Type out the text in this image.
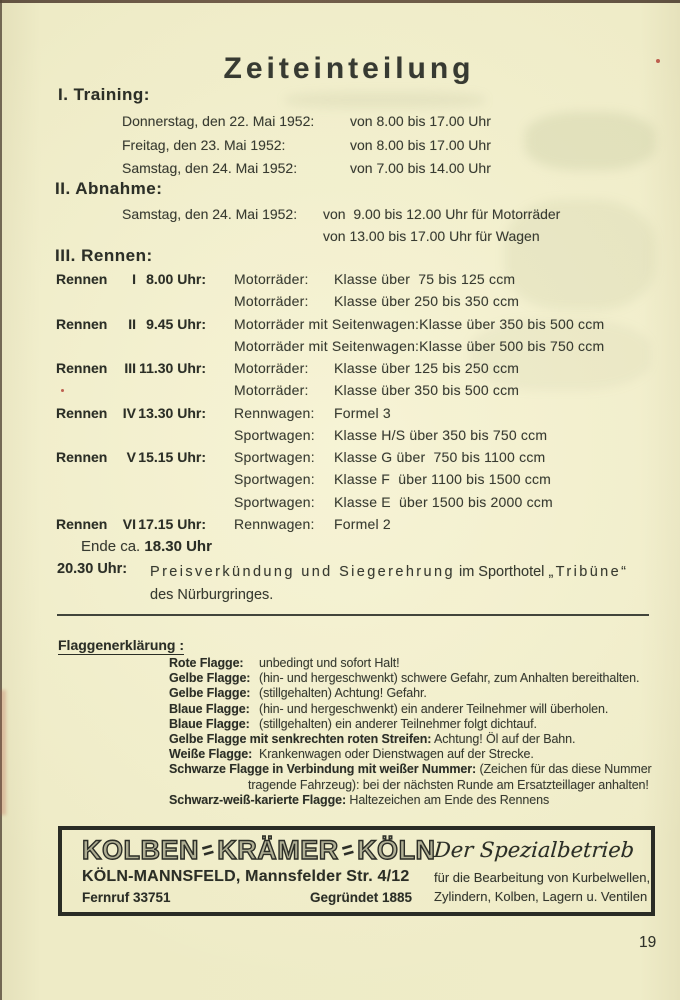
Zeiteinteilung
I. Training:
Donnerstag, den 22. Mai 1952:	von 8.00 bis 17.00 Uhr
Freitag, den 23. Mai 1952:	von 8.00 bis 17.00 Uhr
Samstag, den 24. Mai 1952:	von 7.00 bis 14.00 Uhr
II. Abnahme:
Samstag, den 24. Mai 1952:	von  9.00 bis 12.00 Uhr für Motorräder
von 13.00 bis 17.00 Uhr für Wagen
III. Rennen:
Rennen	I 8.00 Uhr: Motorräder:	Klasse über  75 bis 125 ccm
Motorräder:	Klasse über 250 bis 350 ccm
Rennen	II 9.45 Uhr: Motorräder mit Seitenwagen: Klasse über 350 bis 500 ccm
Motorräder mit Seitenwagen: Klasse über 500 bis 750 ccm
Rennen	III 11.30 Uhr: Motorräder:	Klasse über 125 bis 250 ccm
Motorräder:	Klasse über 350 bis 500 ccm
Rennen	IV 13.30 Uhr: Rennwagen:	Formel 3
Sportwagen:	Klasse H/S über 350 bis 750 ccm
Rennen	V 15.15 Uhr: Sportwagen:	Klasse G über  750 bis 1100 ccm
Sportwagen:	Klasse F  über 1100 bis 1500 ccm
Sportwagen:	Klasse E  über 1500 bis 2000 ccm
Rennen	VI 17.15 Uhr: Rennwagen:	Formel 2
Ende ca. 18.30 Uhr
20.30 Uhr:	Preisverkündung und Siegerehrung im Sporthotel „Tribüne“
des Nürburgringes.
Flaggenerklärung :
Rote Flagge: unbedingt und sofort Halt!
Gelbe Flagge: (hin- und hergeschwenkt) schwere Gefahr, zum Anhalten bereithalten.
Gelbe Flagge: (stillgehalten) Achtung! Gefahr.
Blaue Flagge: (hin- und hergeschwenkt) ein anderer Teilnehmer will überholen.
Blaue Flagge: (stillgehalten) ein anderer Teilnehmer folgt dichtauf.
Gelbe Flagge mit senkrechten roten Streifen: Achtung! Öl auf der Bahn.
Weiße Flagge: Krankenwagen oder Dienstwagen auf der Strecke.
Schwarze Flagge in Verbindung mit weißer Nummer: (Zeichen für das diese Nummer
tragende Fahrzeug): bei der nächsten Runde am Ersatzteillager anhalten!
Schwarz-weiß-karierte Flagge: Haltezeichen am Ende des Rennens
KOLBEN=KRÄMER=KÖLN
KÖLN-MANNSFELD, Mannsfelder Str. 4/12
Fernruf 33751	Gegründet 1885
Der Spezialbetrieb
für die Bearbeitung von Kurbelwellen,
Zylindern, Kolben, Lagern u. Ventilen
19
